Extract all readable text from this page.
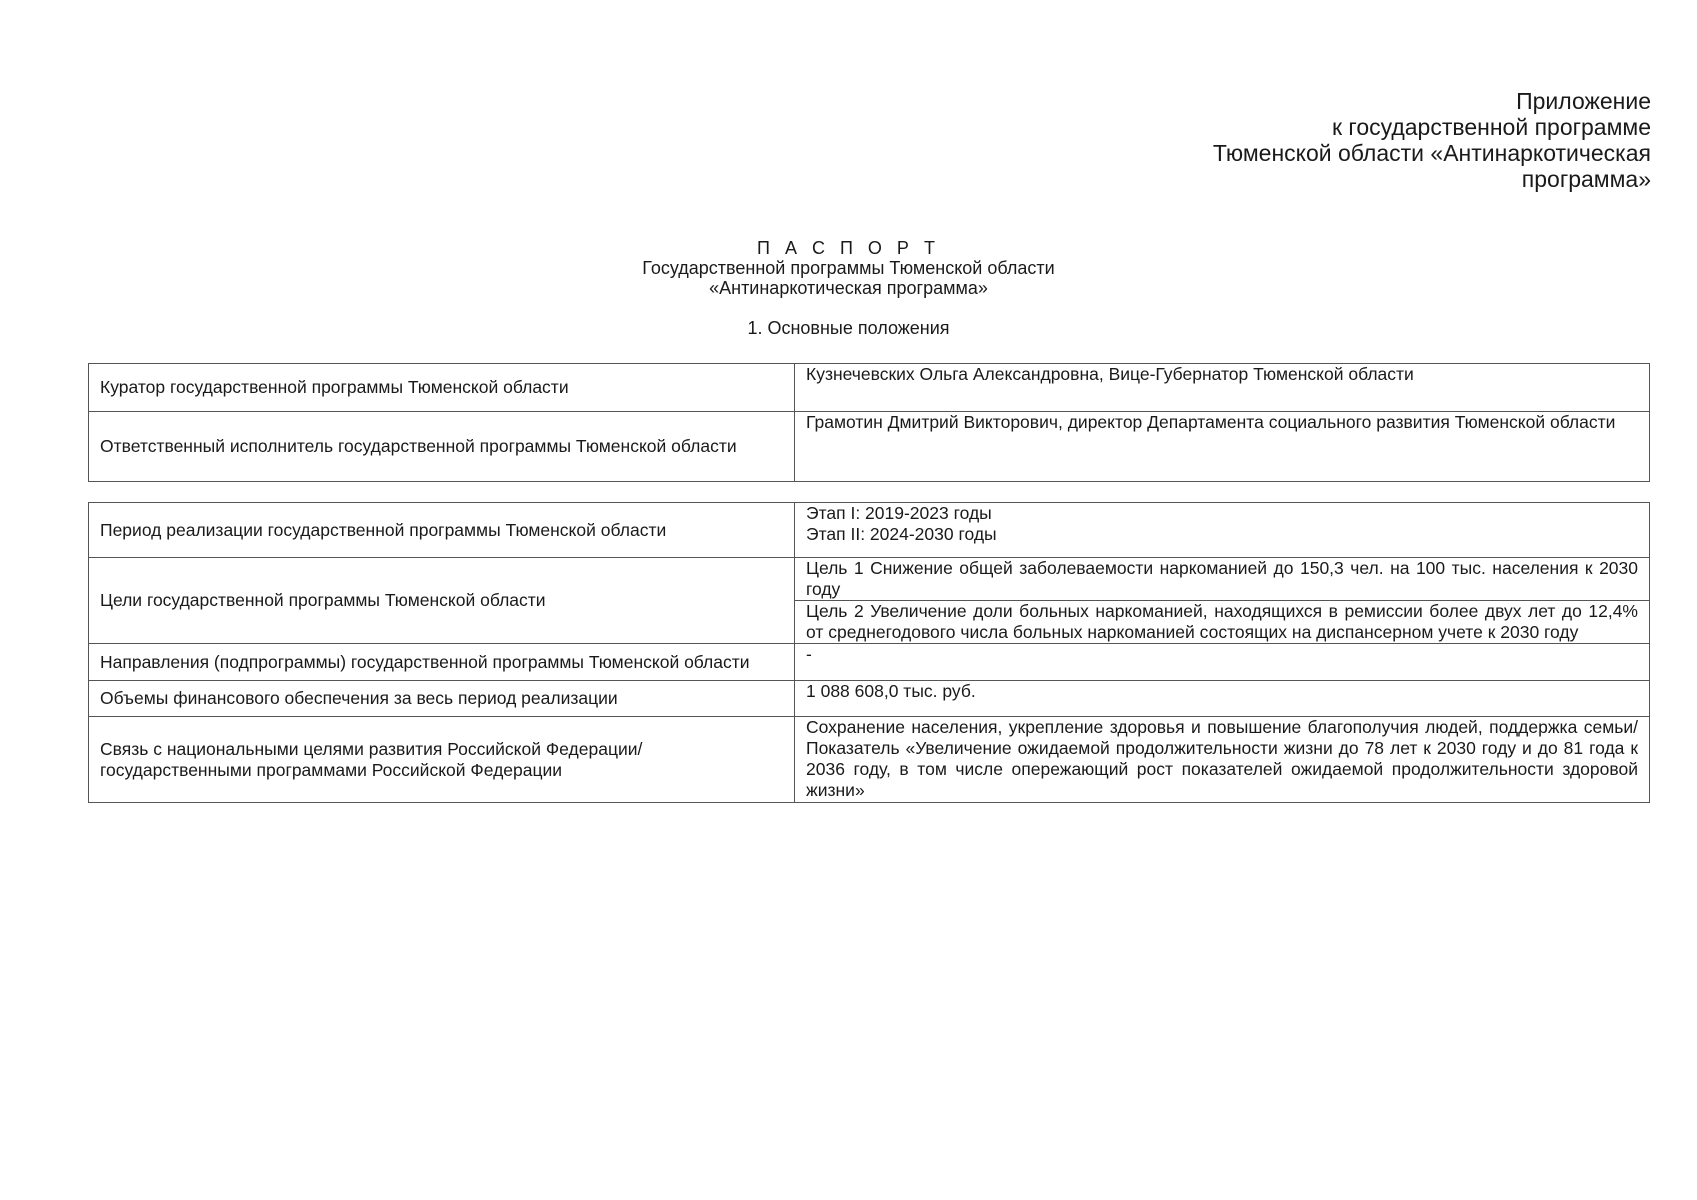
Приложение
к государственной программе
Тюменской области «Антинаркотическая
программа»
П А С П О Р Т
Государственной программы Тюменской области
«Антинаркотическая программа»
1. Основные положения
Куратор государственной программы Тюменской области	Кузнечевских Ольга Александровна, Вице-Губернатор Тюменской области
Ответственный исполнитель государственной программы Тюменской области	Грамотин Дмитрий Викторович, директор Департамента социального развития Тюменской области
Период реализации государственной программы Тюменской области	Этап I: 2019-2023 годы
Этап II: 2024-2030 годы

Цели государственной программы Тюменской области	Цель 1 Снижение общей заболеваемости наркоманией до 150,3 чел. на 100 тыс. населения к 2030 году
	Цель 2 Увеличение доли больных наркоманией, находящихся в ремиссии более двух лет до 12,4% от среднегодового числа больных наркоманией состоящих на диспансерном учете к 2030 году
Направления (подпрограммы) государственной программы Тюменской области	-
Объемы финансового обеспечения за весь период реализации	1 088 608,0 тыс. руб.

Связь с национальными целями развития Российской Федерации/
государственными программами Российской Федерации	Сохранение населения, укрепление здоровья и повышение благополучия людей, поддержка семьи/Показатель «Увеличение ожидаемой продолжительности жизни до 78 лет к 2030 году и до 81 года к 2036 году, в том числе опережающий рост показателей ожидаемой продолжительности здоровой жизни»
